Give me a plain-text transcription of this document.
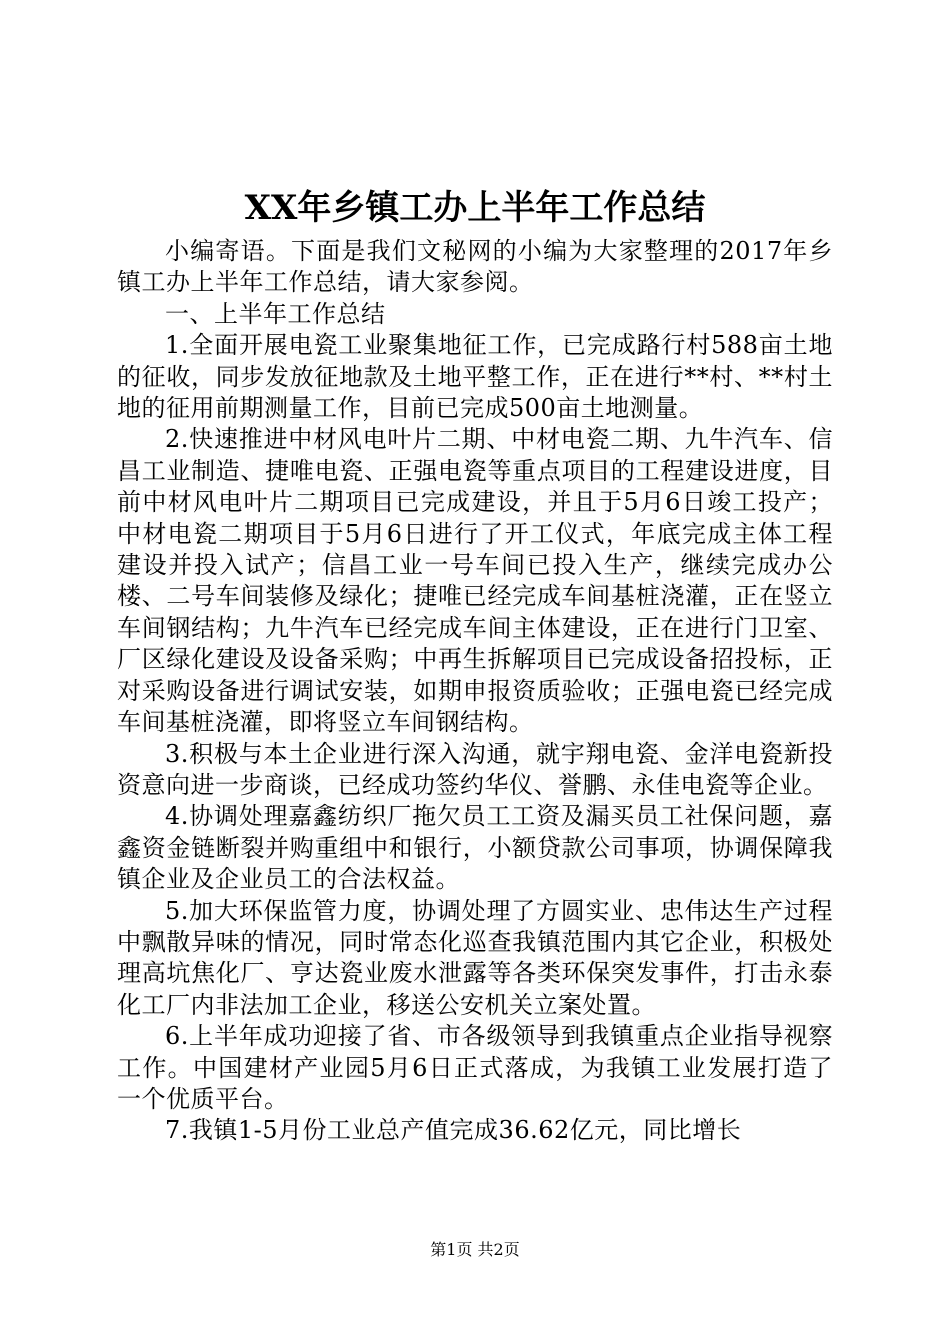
XX年乡镇工办上半年工作总结

小编寄语。下面是我们文秘网的小编为大家整理的2017年乡镇工办上半年工作总结，请大家参阅。

一、上半年工作总结

1.全面开展电瓷工业聚集地征工作，已完成路行村588亩土地的征收，同步发放征地款及土地平整工作，正在进行**村、**村土地的征用前期测量工作，目前已完成500亩土地测量。

2.快速推进中材风电叶片二期、中材电瓷二期、九牛汽车、信昌工业制造、捷唯电瓷、正强电瓷等重点项目的工程建设进度，目前中材风电叶片二期项目已完成建设，并且于5月6日竣工投产；中材电瓷二期项目于5月6日进行了开工仪式，年底完成主体工程建设并投入试产；信昌工业一号车间已投入生产，继续完成办公楼、二号车间装修及绿化；捷唯已经完成车间基桩浇灌，正在竖立车间钢结构；九牛汽车已经完成车间主体建设，正在进行门卫室、厂区绿化建设及设备采购；中再生拆解项目已完成设备招投标，正对采购设备进行调试安装，如期申报资质验收；正强电瓷已经完成车间基桩浇灌，即将竖立车间钢结构。

3.积极与本土企业进行深入沟通，就宇翔电瓷、金洋电瓷新投资意向进一步商谈，已经成功签约华仪、誉鹏、永佳电瓷等企业。

4.协调处理嘉鑫纺织厂拖欠员工工资及漏买员工社保问题，嘉鑫资金链断裂并购重组中和银行，小额贷款公司事项，协调保障我镇企业及企业员工的合法权益。

5.加大环保监管力度，协调处理了方圆实业、忠伟达生产过程中飘散异味的情况，同时常态化巡查我镇范围内其它企业，积极处理高坑焦化厂、亨达瓷业废水泄露等各类环保突发事件，打击永泰化工厂内非法加工企业，移送公安机关立案处置。

6.上半年成功迎接了省、市各级领导到我镇重点企业指导视察工作。中国建材产业园5月6日正式落成，为我镇工业发展打造了一个优质平台。

7.我镇1-5月份工业总产值完成36.62亿元，同比增长

第1页 共2页
